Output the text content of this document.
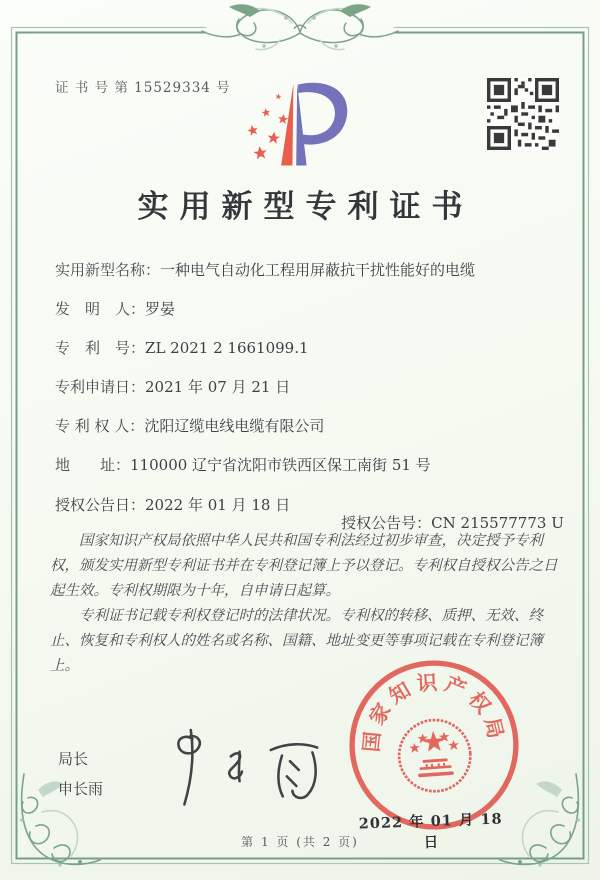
证 书 号 第 15529334 号
实用新型专利证书
实用新型名称： 一种电气自动化工程用屏蔽抗干扰性能好的电缆
发　明　人： 罗晏
专　利　号： ZL 2021 2 1661099.1
专利申请日： 2021 年 07 月 21 日
专 利 权 人： 沈阳辽缆电线电缆有限公司
地　　址： 110000 辽宁省沈阳市铁西区保工南街 51 号
授权公告日： 2022 年 01 月 18 日

授权公告号：CN 215577773 U

国家知识产权局依照中华人民共和国专利法经过初步审查，决定授予专利权，颁发实用新型专利证书并在专利登记簿上予以登记。专利权自授权公告之日起生效。专利权期限为十年，自申请日起算。

专利证书记载专利权登记时的法律状况。专利权的转移、质押、无效、终止、恢复和专利权人的姓名或名称、国籍、地址变更等事项记载在专利登记簿上。

局长
申长雨
国家知识产权局
2022 年 01 月 18 日
第 1 页 (共 2 页)
